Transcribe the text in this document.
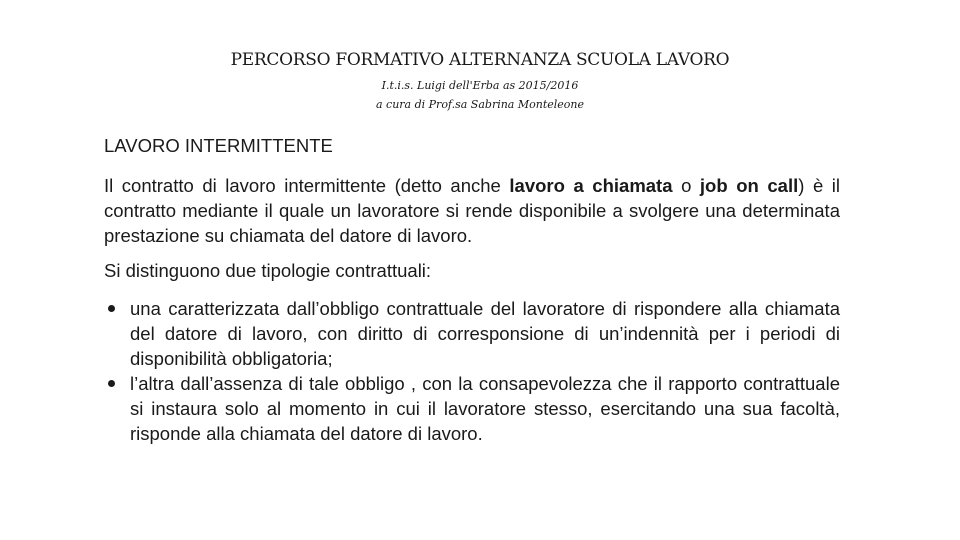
PERCORSO FORMATIVO ALTERNANZA SCUOLA LAVORO
I.t.i.s. Luigi dell'Erba as 2015/2016
a cura di Prof.sa Sabrina Monteleone
LAVORO INTERMITTENTE

Il contratto di lavoro intermittente (detto anche lavoro a chiamata o job on call) è il contratto mediante il quale un lavoratore si rende disponibile a svolgere una determinata prestazione su chiamata del datore di lavoro.

Si distinguono due tipologie contrattuali:

una caratterizzata dall’obbligo contrattuale del lavoratore di rispondere alla chiamata del datore di lavoro, con diritto di corresponsione di un’indennità per i periodi di disponibilità obbligatoria;
l’altra dall’assenza di tale obbligo , con la consapevolezza che il rapporto contrattuale si instaura solo al momento in cui il lavoratore stesso, esercitando una sua facoltà, risponde alla chiamata del datore di lavoro.
